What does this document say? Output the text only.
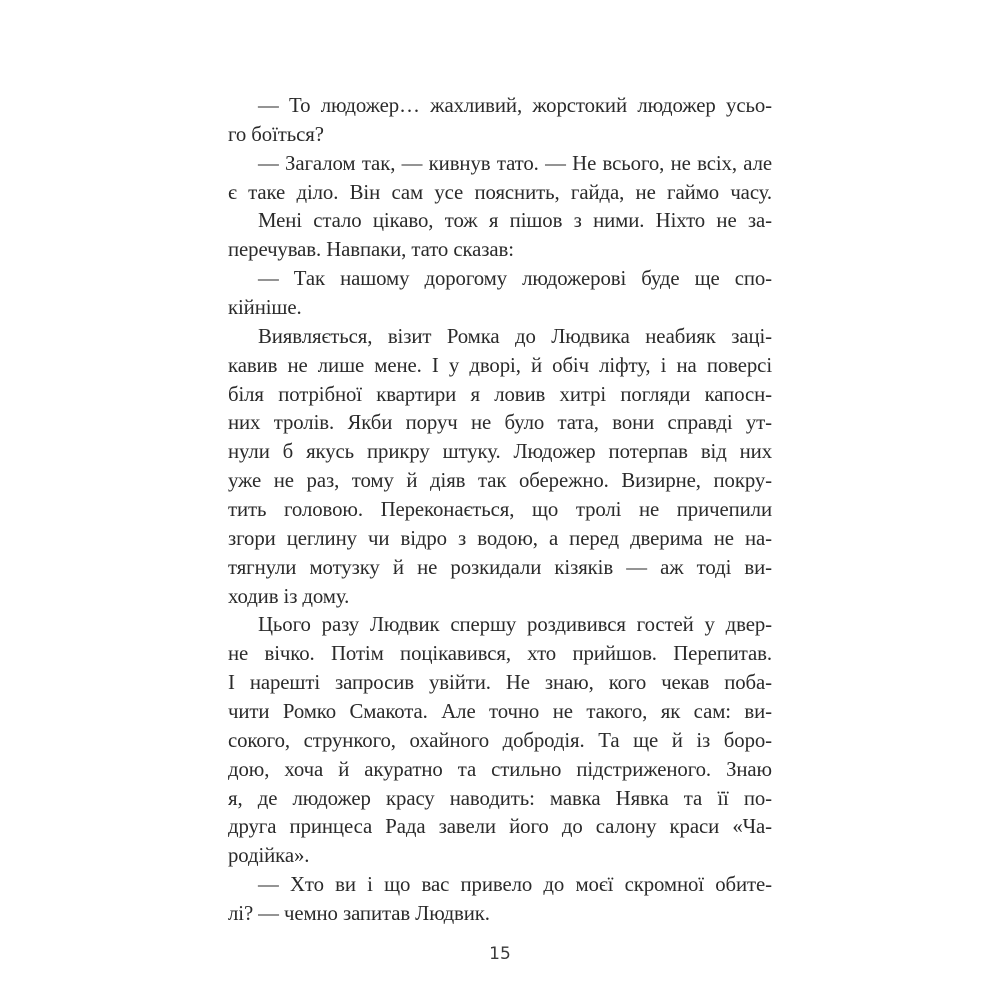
— То людожер… жахливий, жорстокий людожер усьо-
го боїться?
— Загалом так, — кивнув тато. — Не всього, не всіх, але
є таке діло. Він сам усе пояснить, гайда, не гаймо часу.
Мені стало цікаво, тож я пішов з ними. Ніхто не за-
перечував. Навпаки, тато сказав:
— Так нашому дорогому людожерові буде ще спо-
кійніше.
Виявляється, візит Ромка до Людвика неабияк заці-
кавив не лише мене. І у дворі, й обіч ліфту, і на поверсі
біля потрібної квартири я ловив хитрі погляди капосн-
них тролів. Якби поруч не було тата, вони справді ут-
нули б якусь прикру штуку. Людожер потерпав від них
уже не раз, тому й діяв так обережно. Визирне, покру-
тить головою. Переконається, що тролі не причепили
згори цеглину чи відро з водою, а перед дверима не на-
тягнули мотузку й не розкидали кізяків — аж тоді ви-
ходив із дому.
Цього разу Людвик спершу роздивився гостей у двер-
не вічко. Потім поцікавився, хто прийшов. Перепитав.
І нарешті запросив увійти. Не знаю, кого чекав поба-
чити Ромко Смакота. Але точно не такого, як сам: ви-
сокого, стрункого, охайного добродія. Та ще й із боро-
дою, хоча й акуратно та стильно підстриженого. Знаю
я, де людожер красу наводить: мавка Нявка та її по-
друга принцеса Рада завели його до салону краси «Ча-
родійка».
— Хто ви і що вас привело до моєї скромної обите-
лі? — чемно запитав Людвик.
15
